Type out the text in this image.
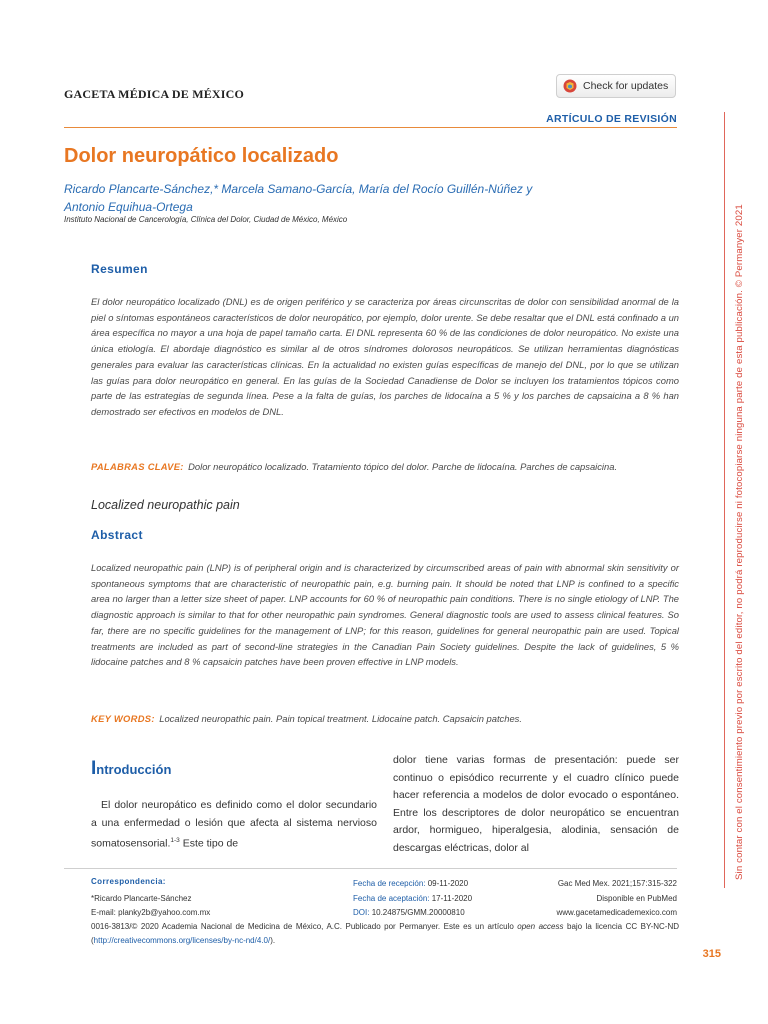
GACETA MÉDICA DE MÉXICO
Check for updates
ARTÍCULO DE REVISIÓN
Dolor neuropático localizado
Ricardo Plancarte-Sánchez,* Marcela Samano-García, María del Rocío Guillén-Núñez y
Antonio Equihua-Ortega
Instituto Nacional de Cancerología, Clínica del Dolor, Ciudad de México, México
Resumen
El dolor neuropático localizado (DNL) es de origen periférico y se caracteriza por áreas circunscritas de dolor con sensibilidad anormal de la piel o síntomas espontáneos característicos de dolor neuropático, por ejemplo, dolor urente. Se debe resaltar que el DNL está confinado a un área específica no mayor a una hoja de papel tamaño carta. El DNL representa 60 % de las condiciones de dolor neuropático. No existe una única etiología. El abordaje diagnóstico es similar al de otros síndromes dolorosos neuropáticos. Se utilizan herramientas diagnósticas generales para evaluar las características clínicas. En la actualidad no existen guías específicas de manejo del DNL, por lo que se utilizan las guías para dolor neuropático en general. En las guías de la Sociedad Canadiense de Dolor se incluyen los tratamientos tópicos como parte de las estrategias de segunda línea. Pese a la falta de guías, los parches de lidocaína a 5 % y los parches de capsaicina a 8 % han demostrado ser efectivos en modelos de DNL.
PALABRAS CLAVE: Dolor neuropático localizado. Tratamiento tópico del dolor. Parche de lidocaína. Parches de capsaicina.
Localized neuropathic pain
Abstract
Localized neuropathic pain (LNP) is of peripheral origin and is characterized by circumscribed areas of pain with abnormal skin sensitivity or spontaneous symptoms that are characteristic of neuropathic pain, e.g. burning pain. It should be noted that LNP is confined to a specific area no larger than a letter size sheet of paper. LNP accounts for 60 % of neuropathic pain conditions. There is no single etiology of LNP. The diagnostic approach is similar to that for other neuropathic pain syndromes. General diagnostic tools are used to assess clinical features. So far, there are no specific guidelines for the management of LNP; for this reason, guidelines for general neuropathic pain are used. Topical treatments are included as part of second-line strategies in the Canadian Pain Society guidelines. Despite the lack of guidelines, 5 % lidocaine patches and 8 % capsaicin patches have been proven effective in LNP models.
KEY WORDS: Localized neuropathic pain. Pain topical treatment. Lidocaine patch. Capsaicin patches.
Introducción
El dolor neuropático es definido como el dolor secundario a una enfermedad o lesión que afecta al sistema nervioso somatosensorial.$^{1-3}$ Este tipo de
dolor tiene varias formas de presentación: puede ser continuo o episódico recurrente y el cuadro clínico puede hacer referencia a modelos de dolor evocado o espontáneo. Entre los descriptores de dolor neuropático se encuentran ardor, hormigueo, hiperalgesia, alodinia, sensación de descargas eléctricas, dolor al
Correspondencia:
*Ricardo Plancarte-Sánchez
E-mail: planky2b@yahoo.com.mx
Fecha de recepción: 09-11-2020
Fecha de aceptación: 17-11-2020
DOI: 10.24875/GMM.20000810
Gac Med Mex. 2021;157:315-322
Disponible en PubMed
www.gacetamedicademexico.com
0016-3813/© 2020 Academia Nacional de Medicina de México, A.C. Publicado por Permanyer. Este es un artículo open access bajo la licencia CC BY-NC-ND (http://creativecommons.org/licenses/by-nc-nd/4.0/).
315
Sin contar con el consentimiento previo por escrito del editor, no podrá reproducirse ni fotocopiarse ninguna parte de esta publicación. © Permanyer 2021
